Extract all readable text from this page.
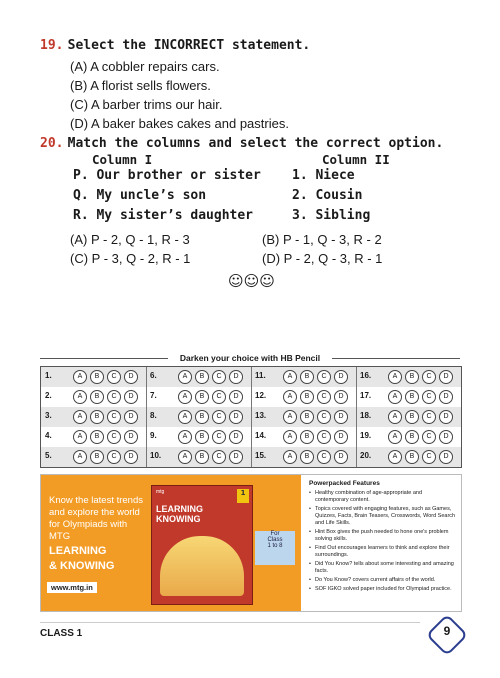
19. Select the INCORRECT statement.
(A) A cobbler repairs cars.
(B) A florist sells flowers.
(C) A barber trims our hair.
(D) A baker bakes cakes and pastries.
20. Match the columns and select the correct option.
Column I	Column II
P. Our brother or sister 1. Niece
Q. My uncle’s son	2. Cousin
R. My sister’s daughter	3. Sibling
(A) P - 2, Q - 1, R - 3	(B) P - 1, Q - 3, R - 2
(C) P - 3, Q - 2, R - 1	(D) P - 2, Q - 3, R - 1
☺☺☺
Darken your choice with HB Pencil
1.	A	B	C	D	6.	A	B	C	D	11.	A	B	C	D	16.	A	B	C	D
2.	A	B	C	D	7.	A	B	C	D	12.	A	B	C	D	17.	A	B	C	D
3.	A	B	C	D	8.	A	B	C	D	13.	A	B	C	D	18.	A	B	C	D
4.	A	B	C	D	9.	A	B	C	D	14.	A	B	C	D	19.	A	B	C	D
5.	A	B	C	D	10.	A	B	C	D	15.	A	B	C	D	20.	A	B	C	D
Know the latest trends
and explore the world
for Olympiads with
MTG
LEARNING
& KNOWING
www.mtg.in
mtg	1
LEARNING
KNOWING
For
Class
1 to 8
Powerpacked Features
• Healthy combination of age-appropriate and contemporary content.
• Topics covered with engaging features, such as Games, Quizzes, Facts, Brain Teasers, Crosswords, Word Search and Life Skills.
• Hint Box gives the push needed to hone one's problem solving skills.
• Find Out encourages learners to think and explore their surroundings.
• Did You Know? tells about some interesting and amazing facts.
• Do You Know? covers current affairs of the world.
• SOF IGKO solved paper included for Olympiad practice.
CLASS 1	9
